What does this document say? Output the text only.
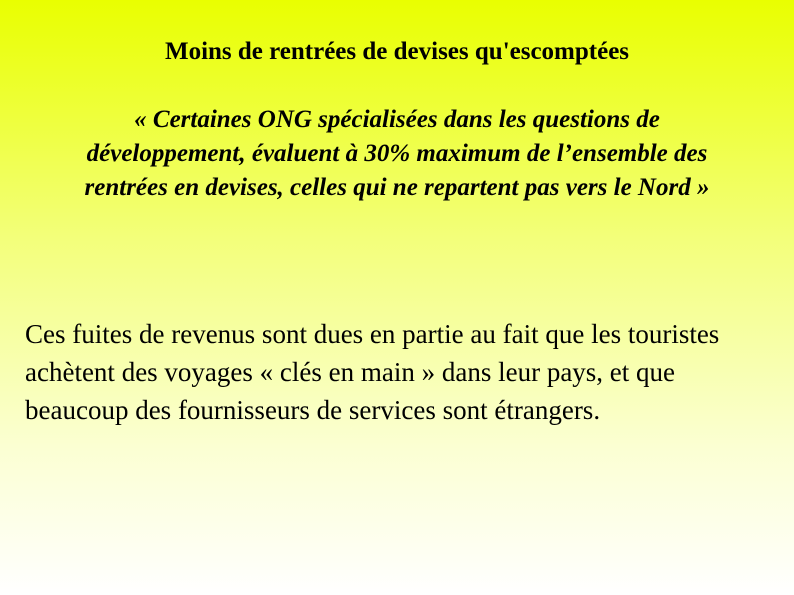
Moins de rentrées de devises qu'escomptées

« Certaines ONG spécialisées dans les questions de développement, évaluent à 30% maximum de l’ensemble des rentrées en devises, celles qui ne repartent pas vers le Nord »

Ces fuites de revenus sont dues en partie au fait que les touristes achètent des voyages « clés en main » dans leur pays, et que beaucoup des fournisseurs de services sont étrangers.
